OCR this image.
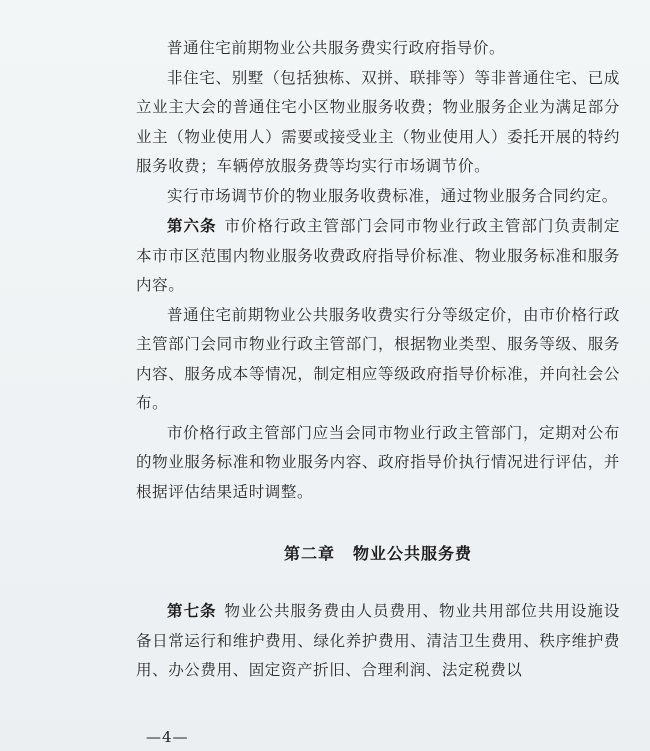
普通住宅前期物业公共服务费实行政府指导价。

非住宅、别墅（包括独栋、双拼、联排等）等非普通住宅、已成立业主大会的普通住宅小区物业服务收费；物业服务企业为满足部分业主（物业使用人）需要或接受业主（物业使用人）委托开展的特约服务收费；车辆停放服务费等均实行市场调节价。

实行市场调节价的物业服务收费标准，通过物业服务合同约定。

第六条 市价格行政主管部门会同市物业行政主管部门负责制定本市市区范围内物业服务收费政府指导价标准、物业服务标准和服务内容。

普通住宅前期物业公共服务收费实行分等级定价，由市价格行政主管部门会同市物业行政主管部门，根据物业类型、服务等级、服务内容、服务成本等情况，制定相应等级政府指导价标准，并向社会公布。

市价格行政主管部门应当会同市物业行政主管部门，定期对公布的物业服务标准和物业服务内容、政府指导价执行情况进行评估，并根据评估结果适时调整。

第二章 物业公共服务费

第七条 物业公共服务费由人员费用、物业共用部位共用设施设备日常运行和维护费用、绿化养护费用、清洁卫生费用、秩序维护费用、办公费用、固定资产折旧、合理利润、法定税费以

—4—
